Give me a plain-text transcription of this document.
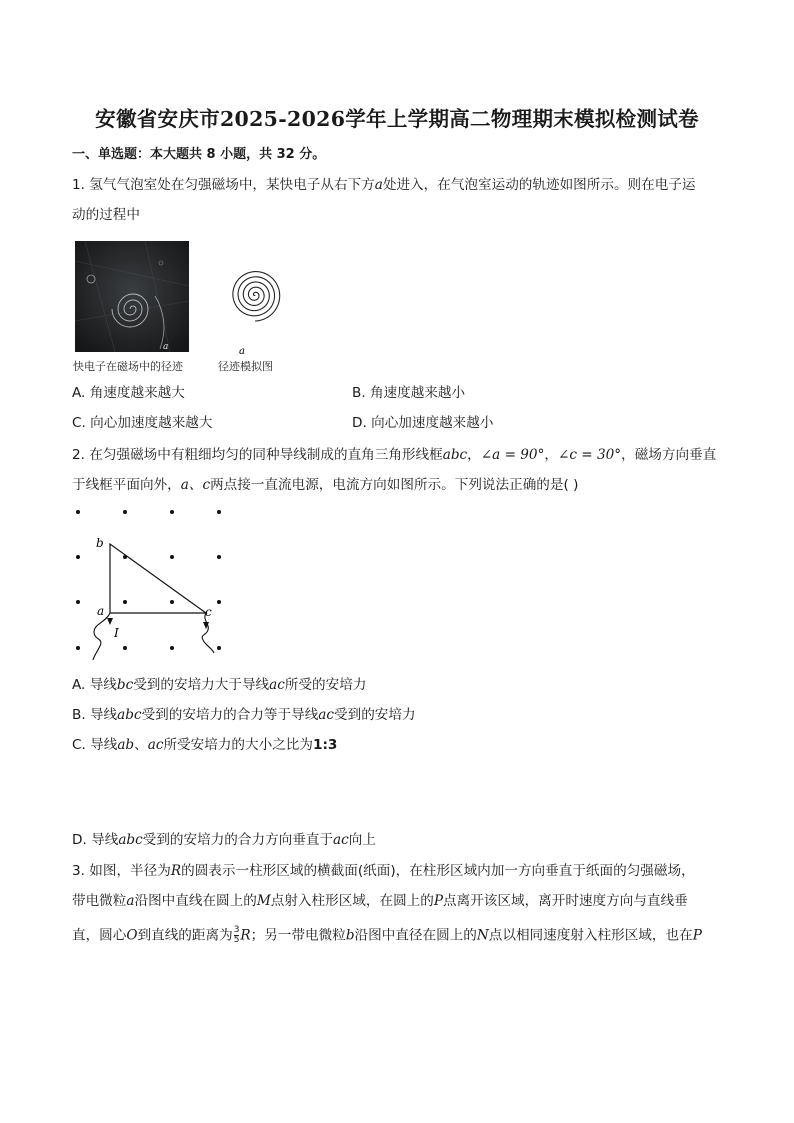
安徽省安庆市2025-2026学年上学期高二物理期末模拟检测试卷
一、单选题：本大题共 8 小题，共 32 分。
1. 氢气气泡室处在匀强磁场中，某快电子从右下方a处进入，在气泡室运动的轨迹如图所示。则在电子运
动的过程中
a	a
快电子在磁场中的径迹	径迹模拟图
A. 角速度越来越大	B. 角速度越来越小
C. 向心加速度越来越大	D. 向心加速度越来越小
2. 在匀强磁场中有粗细均匀的同种导线制成的直角三角形线框abc，∠a = 90°，∠c = 30°，磁场方向垂直
于线框平面向外，a、c两点接一直流电源，电流方向如图所示。下列说法正确的是( )
b
a	c
I
A. 导线bc受到的安培力大于导线ac所受的安培力
B. 导线abc受到的安培力的合力等于导线ac受到的安培力
C. 导线ab、ac所受安培力的大小之比为1:3
D. 导线abc受到的安培力的合力方向垂直于ac向上
3. 如图，半径为R的圆表示一柱形区域的横截面(纸面)，在柱形区域内加一方向垂直于纸面的匀强磁场，
带电微粒a沿图中直线在圆上的M点射入柱形区域，在圆上的P点离开该区域，离开时速度方向与直线垂
直，圆心O到直线的距离为 $\frac{3}{5}$ R；另一带电微粒b沿图中直径在圆上的N点以相同速度射入柱形区域，也在P
